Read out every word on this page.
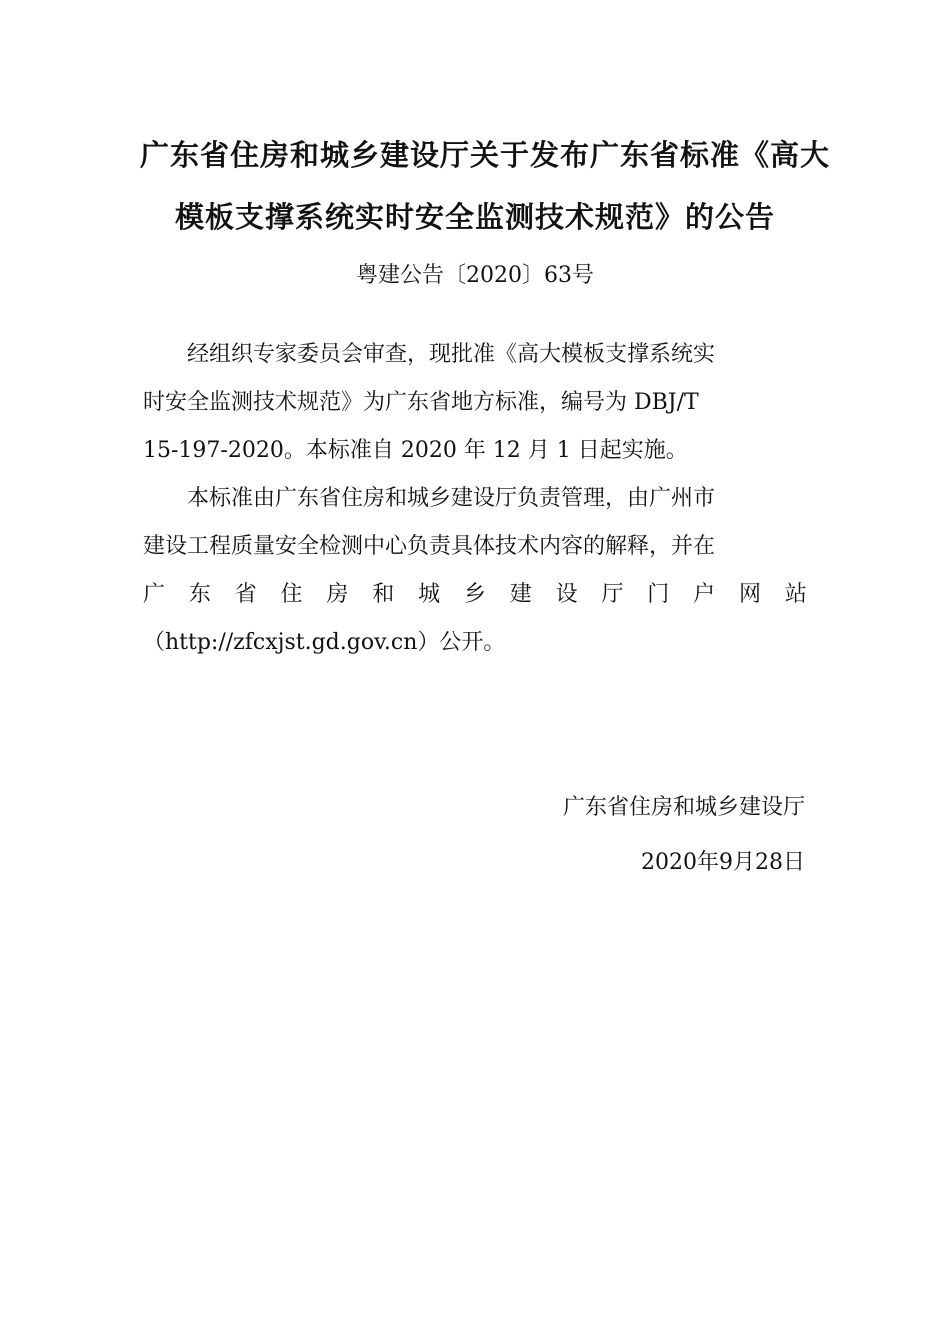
广东省住房和城乡建设厅关于发布广东省标准《高大
模板支撑系统实时安全监测技术规范》的公告

粤建公告〔2020〕63号

经组织专家委员会审查，现批准《高大模板支撑系统实
时安全监测技术规范》为广东省地方标准，编号为 DBJ/T
15-197-2020。本标准自 2020 年 12 月 1 日起实施。
本标准由广东省住房和城乡建设厅负责管理，由广州市
建设工程质量安全检测中心负责具体技术内容的解释，并在
广 东 省 住 房 和 城 乡 建 设 厅 门 户 网 站
（http://zfcxjst.gd.gov.cn）公开。

广东省住房和城乡建设厅

2020年9月28日
